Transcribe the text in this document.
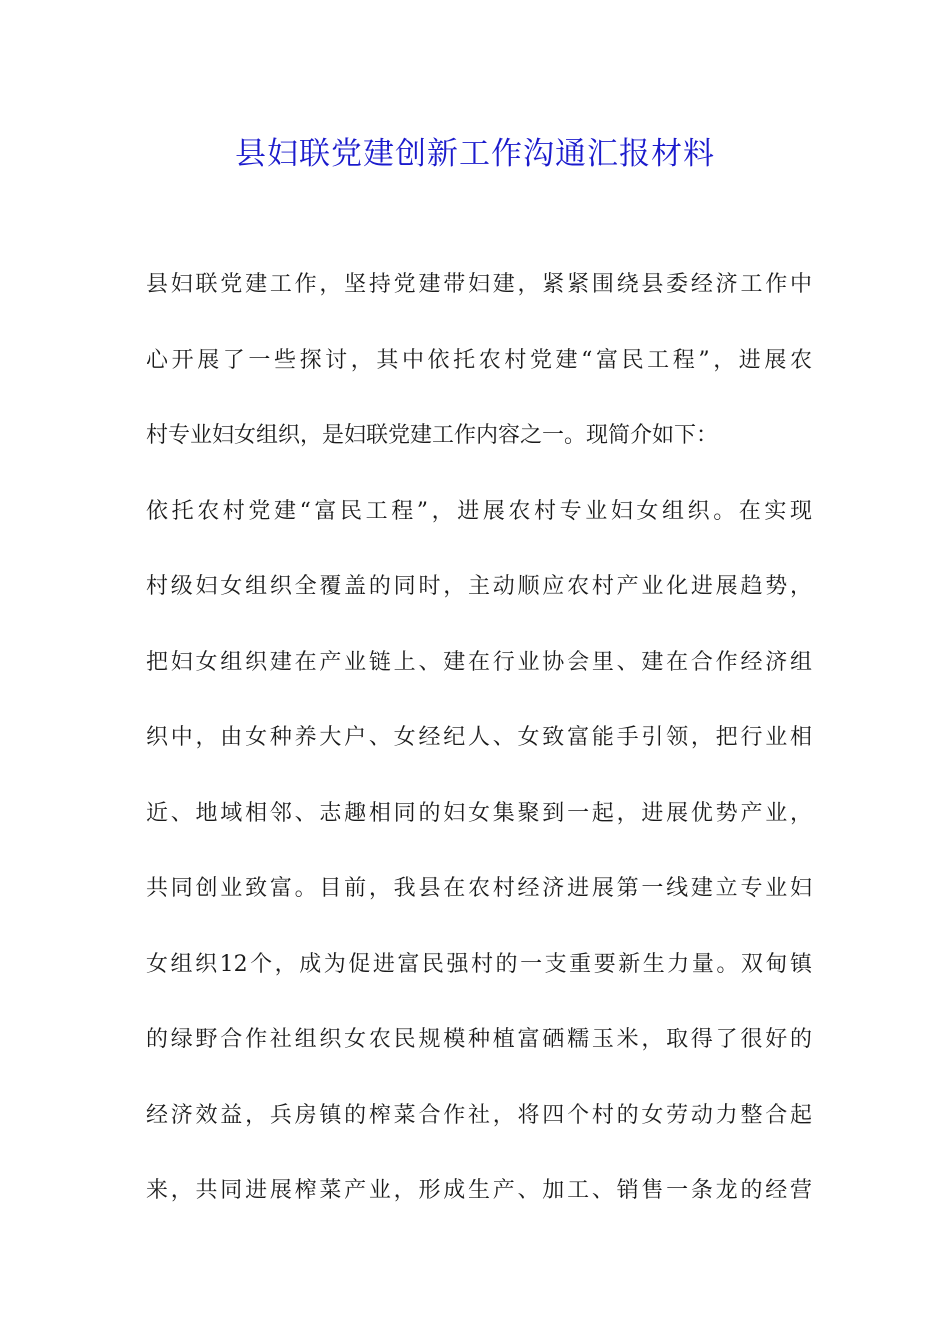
县妇联党建创新工作沟通汇报材料
县妇联党建工作，坚持党建带妇建，紧紧围绕县委经济工作中
心开展了一些探讨，其中依托农村党建“富民工程”，进展农
村专业妇女组织，是妇联党建工作内容之一。现简介如下：
依托农村党建“富民工程”，进展农村专业妇女组织。在实现
村级妇女组织全覆盖的同时，主动顺应农村产业化进展趋势，
把妇女组织建在产业链上、建在行业协会里、建在合作经济组
织中，由女种养大户、女经纪人、女致富能手引领，把行业相
近、地域相邻、志趣相同的妇女集聚到一起，进展优势产业，
共同创业致富。目前，我县在农村经济进展第一线建立专业妇
女组织12个，成为促进富民强村的一支重要新生力量。双甸镇
的绿野合作社组织女农民规模种植富硒糯玉米，取得了很好的
经济效益，兵房镇的榨菜合作社，将四个村的女劳动力整合起
来，共同进展榨菜产业，形成生产、加工、销售一条龙的经营
